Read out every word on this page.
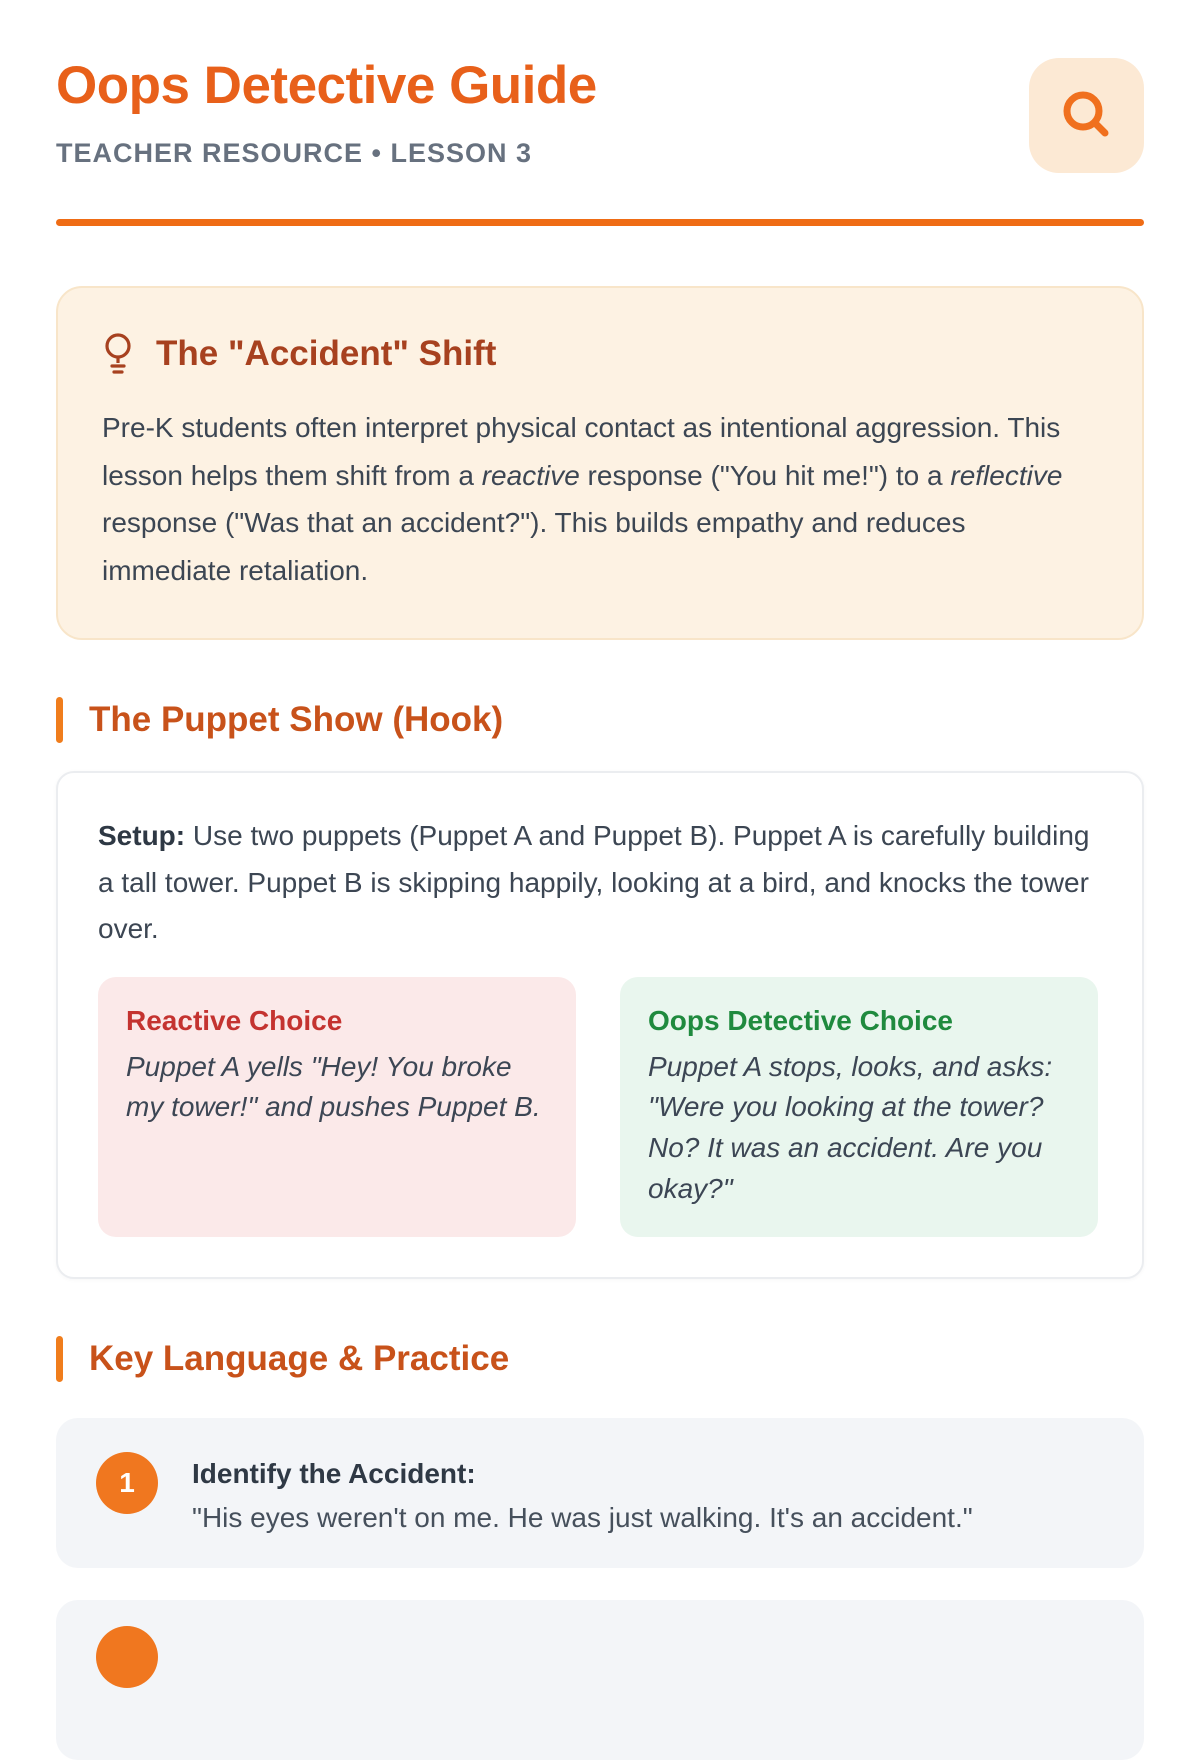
Oops Detective Guide
TEACHER RESOURCE • LESSON 3
The "Accident" Shift
Pre-K students often interpret physical contact as intentional aggression. This lesson helps them shift from a reactive response ("You hit me!") to a reflective response ("Was that an accident?"). This builds empathy and reduces immediate retaliation.
The Puppet Show (Hook)
Setup: Use two puppets (Puppet A and Puppet B). Puppet A is carefully building a tall tower. Puppet B is skipping happily, looking at a bird, and knocks the tower over.
Reactive Choice
Puppet A yells "Hey! You broke my tower!" and pushes Puppet B.
Oops Detective Choice
Puppet A stops, looks, and asks: "Were you looking at the tower? No? It was an accident. Are you okay?"
Key Language & Practice
1	Identify the Accident:
"His eyes weren't on me. He was just walking. It's an accident."
